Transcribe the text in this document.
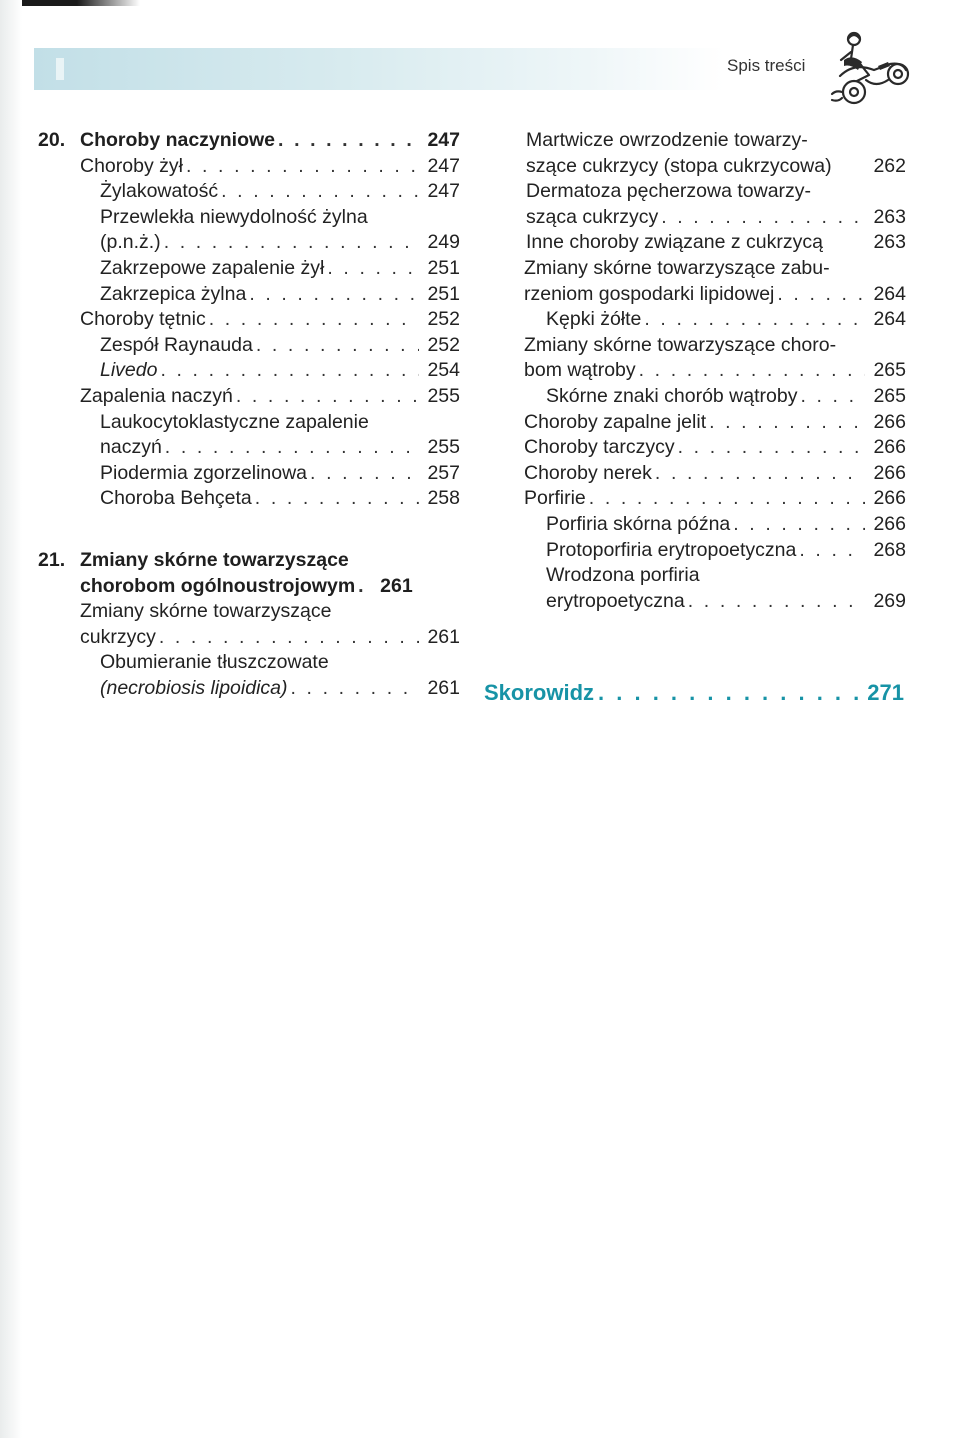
Spis treści
20. Choroby naczyniowe . . .	247
Choroby żył . . .	247
Żylakowatość . . .	247
Przewlekła niewydolność żylna
(p.n.ż.) . . .	249
Zakrzepowe zapalenie żył . . .	251
Zakrzepica żylna . . .	251
Choroby tętnic . . .	252
Zespół Raynauda . . .	252
Livedo . . .	254
Zapalenia naczyń . . .	255
Laukocytoklastyczne zapalenie
naczyń . . .	255
Piodermia zgorzelinowa . . .	257
Choroba Behçeta . . .	258
21. Zmiany skórne towarzyszące
chorobom ogólnoustrojowym . . . 261
Zmiany skórne towarzyszące
cukrzycy . . .	261
Obumieranie tłuszczowate
(necrobiosis lipoidica) . . .	261
Martwicze owrzodzenie towarzy-
szące cukrzycy (stopa cukrzycowa) 262
Dermatoza pęcherzowa towarzy-
sząca cukrzycy . . .	263
Inne choroby związane z cukrzycą	263
Zmiany skórne towarzyszące zabu-
rzeniom gospodarki lipidowej . . .	264
Kępki żółte . . .	264
Zmiany skórne towarzyszące choro-
bom wątroby . . .	265
Skórne znaki chorób wątroby . . .	265
Choroby zapalne jelit . . .	266
Choroby tarczycy . . .	266
Choroby nerek . . .	266
Porfirie . . .	266
Porfiria skórna późna . . .	266
Protoporfiria erytropoetyczna . . .	268
Wrodzona porfiria
erytropoetyczna . . .	269
Skorowidz . . .	271
